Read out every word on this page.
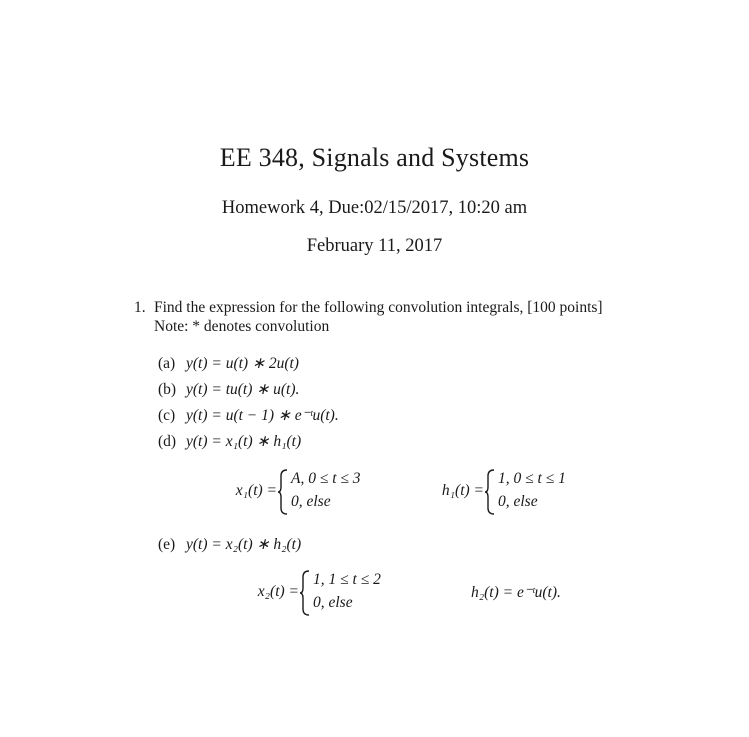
EE 348, Signals and Systems
Homework 4, Due:02/15/2017, 10:20 am
February 11, 2017
1. Find the expression for the following convolution integrals, [100 points]
Note: * denotes convolution
(a) y(t) = u(t) ∗ 2u(t)
(b) y(t) = tu(t) ∗ u(t).
(c) y(t) = u(t − 1) ∗ e⁻ᵗu(t).
(d) y(t) = x₁(t) ∗ h₁(t)
x₁(t) =
A, 0 ≤ t ≤ 3
0, else
h₁(t) =
1, 0 ≤ t ≤ 1
0, else
(e) y(t) = x₂(t) ∗ h₂(t)
x₂(t) =
1, 1 ≤ t ≤ 2
0, else
h₂(t) = e⁻ᵗu(t).
